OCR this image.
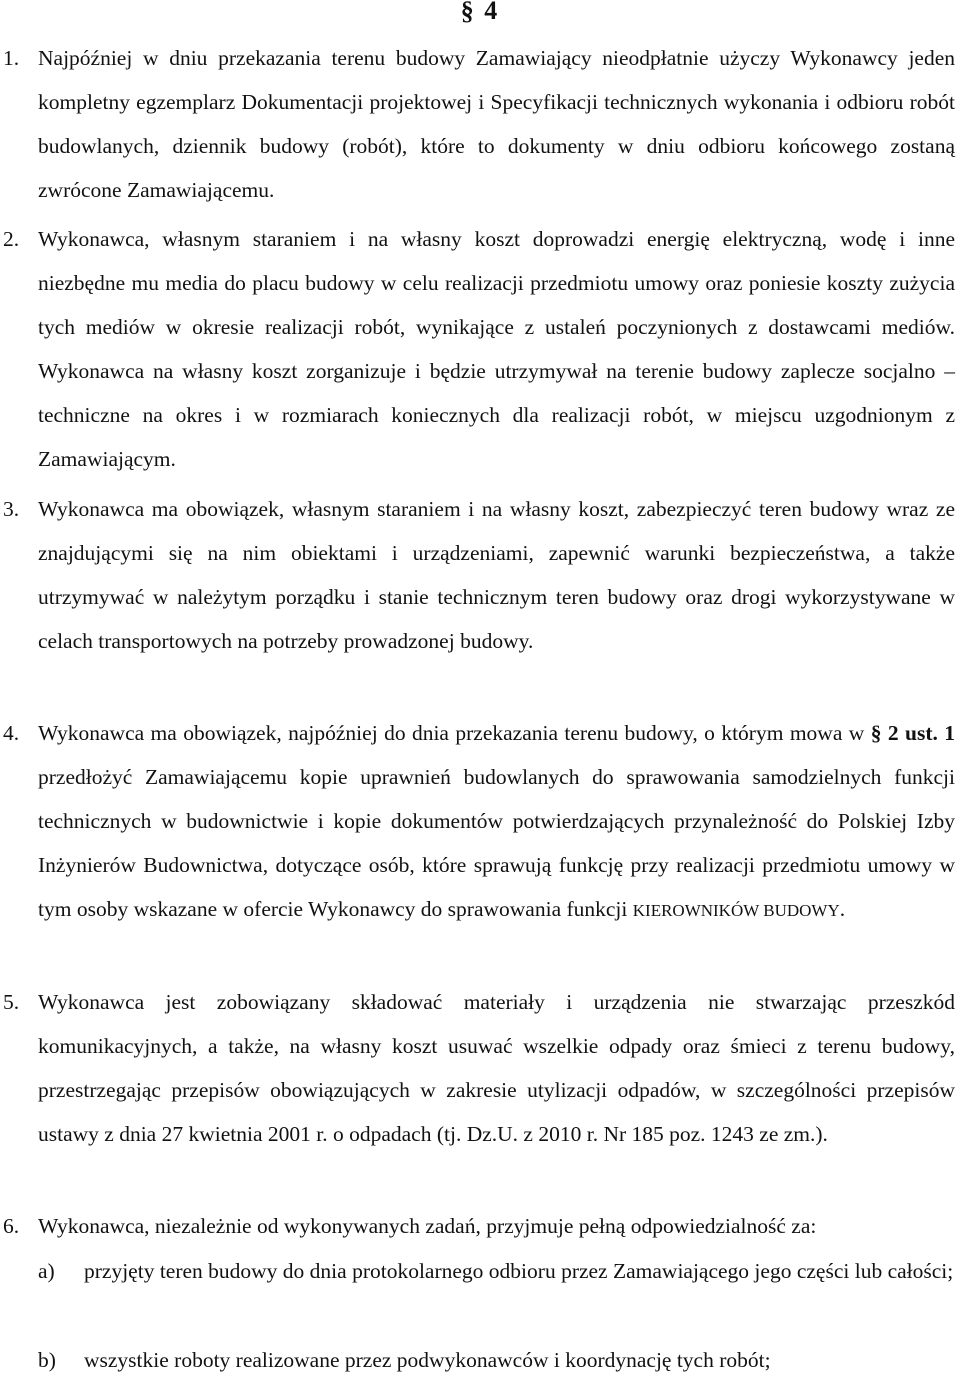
§ 4
1. Najpóźniej w dniu przekazania terenu budowy Zamawiający nieodpłatnie użyczy Wykonawcy jeden kompletny egzemplarz Dokumentacji projektowej i Specyfikacji technicznych wykonania i odbioru robót budowlanych, dziennik budowy (robót), które to dokumenty w dniu odbioru końcowego zostaną zwrócone Zamawiającemu.
2. Wykonawca, własnym staraniem i na własny koszt doprowadzi energię elektryczną, wodę i inne niezbędne mu media do placu budowy w celu realizacji przedmiotu umowy oraz poniesie koszty zużycia tych mediów w okresie realizacji robót, wynikające z ustaleń poczynionych z dostawcami mediów. Wykonawca na własny koszt zorganizuje i będzie utrzymywał na terenie budowy zaplecze socjalno – techniczne na okres i w rozmiarach koniecznych dla realizacji robót, w miejscu uzgodnionym z Zamawiającym.
3. Wykonawca ma obowiązek, własnym staraniem i na własny koszt, zabezpieczyć teren budowy wraz ze znajdującymi się na nim obiektami i urządzeniami, zapewnić warunki bezpieczeństwa, a także utrzymywać w należytym porządku i stanie technicznym teren budowy oraz drogi wykorzystywane w celach transportowych na potrzeby prowadzonej budowy.
4. Wykonawca ma obowiązek, najpóźniej do dnia przekazania terenu budowy, o którym mowa w § 2 ust. 1 przedłożyć Zamawiającemu kopie uprawnień budowlanych do sprawowania samodzielnych funkcji technicznych w budownictwie i kopie dokumentów potwierdzających przynależność do Polskiej Izby Inżynierów Budownictwa, dotyczące osób, które sprawują funkcję przy realizacji przedmiotu umowy w tym osoby wskazane w ofercie Wykonawcy do sprawowania funkcji KIEROWNIKÓW BUDOWY.
5. Wykonawca jest zobowiązany składować materiały i urządzenia nie stwarzając przeszkód komunikacyjnych, a także, na własny koszt usuwać wszelkie odpady oraz śmieci z terenu budowy, przestrzegając przepisów obowiązujących w zakresie utylizacji odpadów, w szczególności przepisów ustawy z dnia 27 kwietnia 2001 r. o odpadach (tj. Dz.U. z 2010 r. Nr 185 poz. 1243 ze zm.).
6. Wykonawca, niezależnie od wykonywanych zadań, przyjmuje pełną odpowiedzialność za:
a) przyjęty teren budowy do dnia protokolarnego odbioru przez Zamawiającego jego części lub całości;
b) wszystkie roboty realizowane przez podwykonawców i koordynację tych robót;
